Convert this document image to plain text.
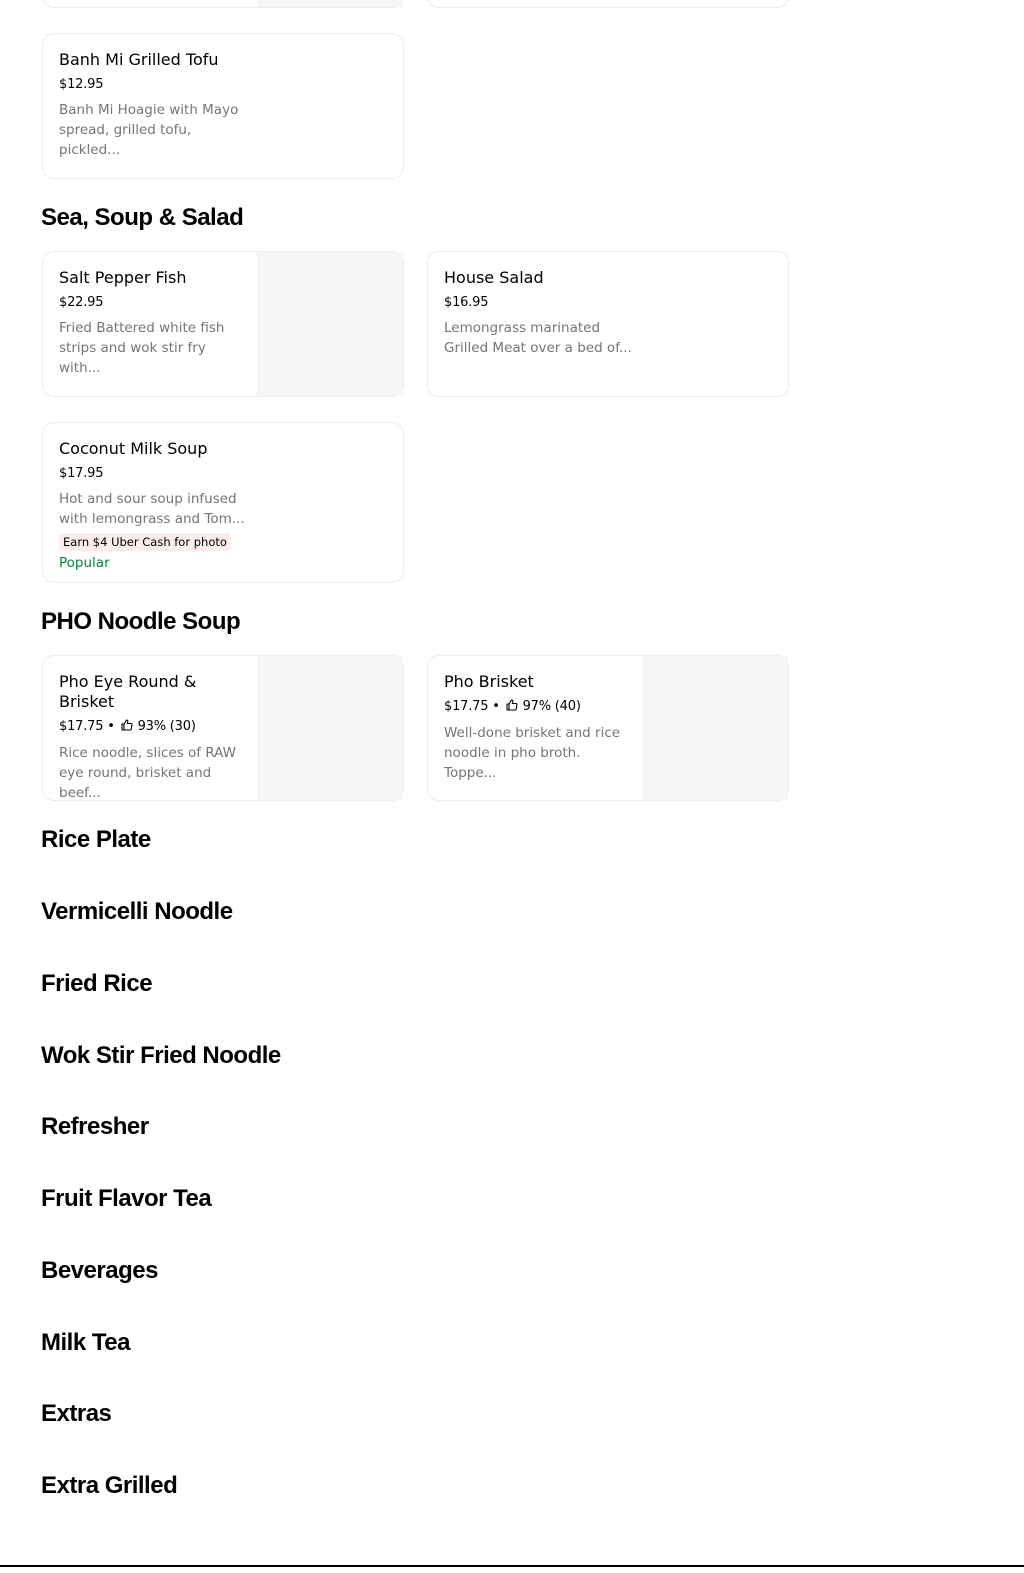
Banh Mi Grilled Tofu
$12.95
Banh Mi Hoagie with Mayo spread, grilled tofu, pickled...
Sea, Soup & Salad
Salt Pepper Fish
$22.95
Fried Battered white fish strips and wok stir fry with...
House Salad
$16.95
Lemongrass marinated Grilled Meat over a bed of...
Coconut Milk Soup
$17.95
Hot and sour soup infused with lemongrass and Tom...
Earn $4 Uber Cash for photo
Popular
PHO Noodle Soup
Pho Eye Round & Brisket
$17.75 • 93% (30)
Rice noodle, slices of RAW eye round, brisket and beef...
Pho Brisket
$17.75 • 97% (40)
Well-done brisket and rice noodle in pho broth. Toppe...
Rice Plate
Vermicelli Noodle
Fried Rice
Wok Stir Fried Noodle
Refresher
Fruit Flavor Tea
Beverages
Milk Tea
Extras
Extra Grilled
